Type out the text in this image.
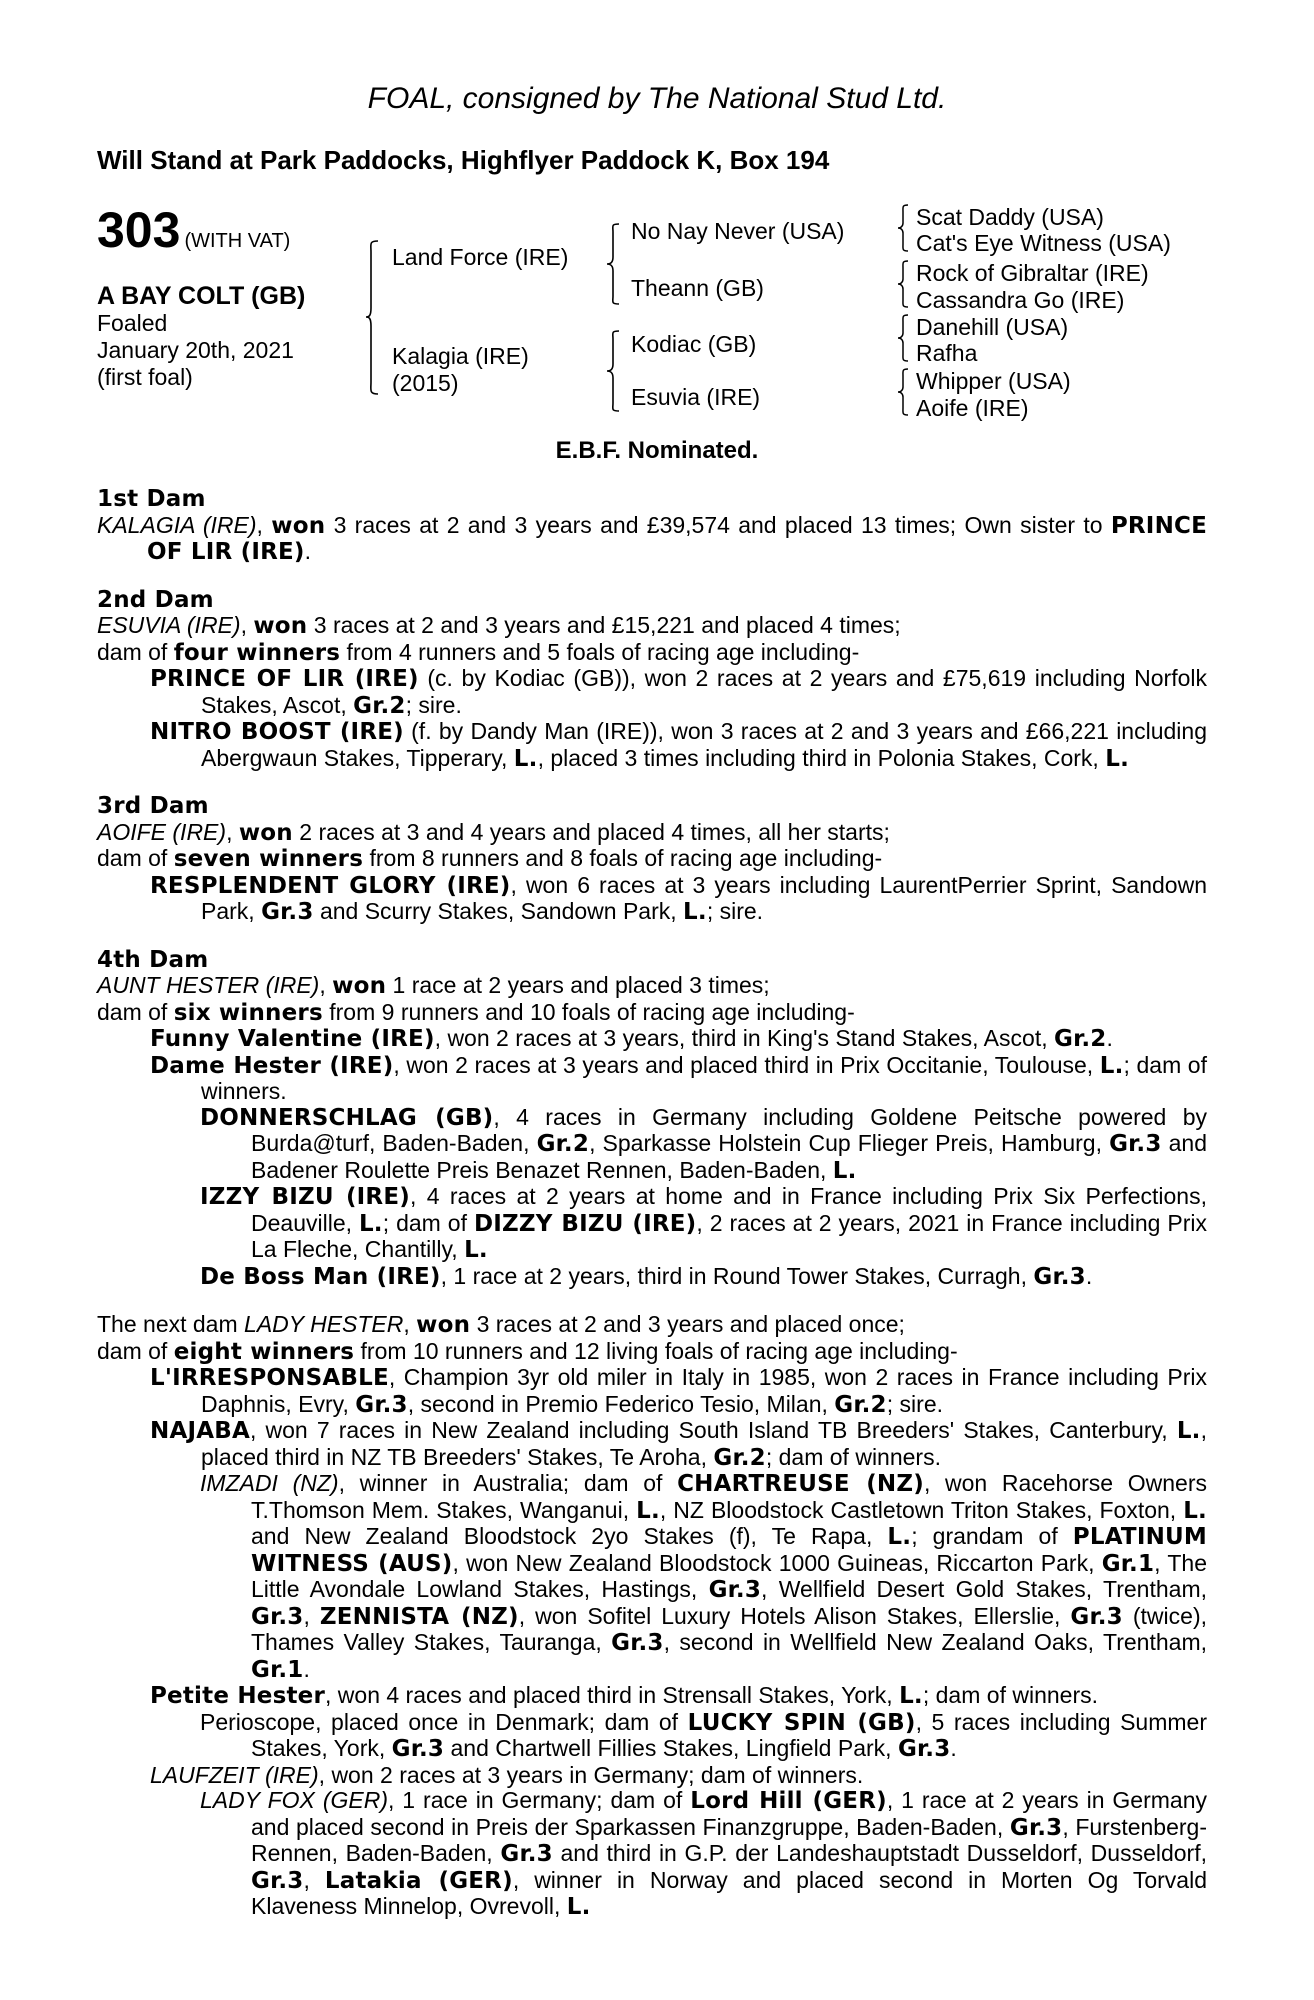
FOAL, consigned by The National Stud Ltd.
Will Stand at Park Paddocks, Highflyer Paddock K, Box 194
303 (WITH VAT)
A BAY COLT (GB)
Foaled
January 20th, 2021
(first foal)
Land Force (IRE)
Kalagia (IRE)
(2015)
No Nay Never (USA)
Theann (GB)
Kodiac (GB)
Esuvia (IRE)
Scat Daddy (USA)
Cat's Eye Witness (USA)
Rock of Gibraltar (IRE)
Cassandra Go (IRE)
Danehill (USA)
Rafha
Whipper (USA)
Aoife (IRE)
E.B.F. Nominated.

1st Dam

KALAGIA (IRE), won 3 races at 2 and 3 years and £39,574 and placed 13 times; Own sister to PRINCE OF LIR (IRE).

2nd Dam

ESUVIA (IRE), won 3 races at 2 and 3 years and £15,221 and placed 4 times;

dam of four winners from 4 runners and 5 foals of racing age including-

PRINCE OF LIR (IRE) (c. by Kodiac (GB)), won 2 races at 2 years and £75,619 including Norfolk Stakes, Ascot, Gr.2; sire.

NITRO BOOST (IRE) (f. by Dandy Man (IRE)), won 3 races at 2 and 3 years and £66,221 including Abergwaun Stakes, Tipperary, L., placed 3 times including third in Polonia Stakes, Cork, L.

3rd Dam

AOIFE (IRE), won 2 races at 3 and 4 years and placed 4 times, all her starts;

dam of seven winners from 8 runners and 8 foals of racing age including-

RESPLENDENT GLORY (IRE), won 6 races at 3 years including LaurentPerrier Sprint, Sandown Park, Gr.3 and Scurry Stakes, Sandown Park, L.; sire.

4th Dam

AUNT HESTER (IRE), won 1 race at 2 years and placed 3 times;

dam of six winners from 9 runners and 10 foals of racing age including-

Funny Valentine (IRE), won 2 races at 3 years, third in King's Stand Stakes, Ascot, Gr.2.

Dame Hester (IRE), won 2 races at 3 years and placed third in Prix Occitanie, Toulouse, L.; dam of winners.

DONNERSCHLAG (GB), 4 races in Germany including Goldene Peitsche powered by Burda@turf, Baden-Baden, Gr.2, Sparkasse Holstein Cup Flieger Preis, Hamburg, Gr.3 and Badener Roulette Preis Benazet Rennen, Baden-Baden, L.

IZZY BIZU (IRE), 4 races at 2 years at home and in France including Prix Six Perfections, Deauville, L.; dam of DIZZY BIZU (IRE), 2 races at 2 years, 2021 in France including Prix La Fleche, Chantilly, L.

De Boss Man (IRE), 1 race at 2 years, third in Round Tower Stakes, Curragh, Gr.3.

The next dam LADY HESTER, won 3 races at 2 and 3 years and placed once;

dam of eight winners from 10 runners and 12 living foals of racing age including-

L'IRRESPONSABLE, Champion 3yr old miler in Italy in 1985, won 2 races in France including Prix Daphnis, Evry, Gr.3, second in Premio Federico Tesio, Milan, Gr.2; sire.

NAJABA, won 7 races in New Zealand including South Island TB Breeders' Stakes, Canterbury, L., placed third in NZ TB Breeders' Stakes, Te Aroha, Gr.2; dam of winners.

IMZADI (NZ), winner in Australia; dam of CHARTREUSE (NZ), won Racehorse Owners T.Thomson Mem. Stakes, Wanganui, L., NZ Bloodstock Castletown Triton Stakes, Foxton, L. and New Zealand Bloodstock 2yo Stakes (f), Te Rapa, L.; grandam of PLATINUM WITNESS (AUS), won New Zealand Bloodstock 1000 Guineas, Riccarton Park, Gr.1, The Little Avondale Lowland Stakes, Hastings, Gr.3, Wellfield Desert Gold Stakes, Trentham, Gr.3, ZENNISTA (NZ), won Sofitel Luxury Hotels Alison Stakes, Ellerslie, Gr.3 (twice), Thames Valley Stakes, Tauranga, Gr.3, second in Wellfield New Zealand Oaks, Trentham, Gr.1.

Petite Hester, won 4 races and placed third in Strensall Stakes, York, L.; dam of winners.

Perioscope, placed once in Denmark; dam of LUCKY SPIN (GB), 5 races including Summer Stakes, York, Gr.3 and Chartwell Fillies Stakes, Lingfield Park, Gr.3.

LAUFZEIT (IRE), won 2 races at 3 years in Germany; dam of winners.

LADY FOX (GER), 1 race in Germany; dam of Lord Hill (GER), 1 race at 2 years in Germany and placed second in Preis der Sparkassen Finanzgruppe, Baden-Baden, Gr.3, Furstenberg-Rennen, Baden-Baden, Gr.3 and third in G.P. der Landeshauptstadt Dusseldorf, Dusseldorf, Gr.3, Latakia (GER), winner in Norway and placed second in Morten Og Torvald Klaveness Minnelop, Ovrevoll, L.
